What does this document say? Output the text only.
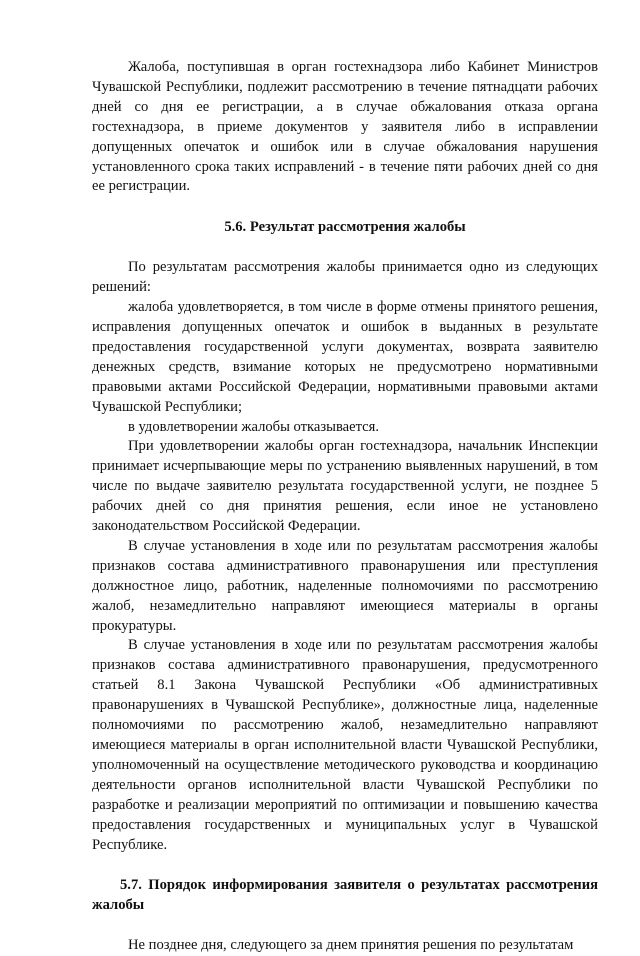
Жалоба, поступившая в орган гостехнадзора либо Кабинет Министров Чувашской Республики, подлежит рассмотрению в течение пятнадцати рабочих дней со дня ее регистрации, а в случае обжалования отказа органа гостехнадзора, в приеме документов у заявителя либо в исправлении допущенных опечаток и ошибок или в случае обжалования нарушения установленного срока таких исправлений - в течение пяти рабочих дней со дня ее регистрации.

5.6. Результат рассмотрения жалобы

По результатам рассмотрения жалобы принимается одно из следующих решений:

жалоба удовлетворяется, в том числе в форме отмены принятого решения, исправления допущенных опечаток и ошибок в выданных в результате предоставления государственной услуги документах, возврата заявителю денежных средств, взимание которых не предусмотрено нормативными правовыми актами Российской Федерации, нормативными правовыми актами Чувашской Республики;

в удовлетворении жалобы отказывается.

При удовлетворении жалобы орган гостехнадзора, начальник Инспекции принимает исчерпывающие меры по устранению выявленных нарушений, в том числе по выдаче заявителю результата государственной услуги, не позднее 5 рабочих дней со дня принятия решения, если иное не установлено законодательством Российской Федерации.

В случае установления в ходе или по результатам рассмотрения жалобы признаков состава административного правонарушения или преступления должностное лицо, работник, наделенные полномочиями по рассмотрению жалоб, незамедлительно направляют имеющиеся материалы в органы прокуратуры.

В случае установления в ходе или по результатам рассмотрения жалобы признаков состава административного правонарушения, предусмотренного статьей 8.1 Закона Чувашской Республики «Об административных правонарушениях в Чувашской Республике», должностные лица, наделенные полномочиями по рассмотрению жалоб, незамедлительно направляют имеющиеся материалы в орган исполнительной власти Чувашской Республики, уполномоченный на осуществление методического руководства и координацию деятельности органов исполнительной власти Чувашской Республики по разработке и реализации мероприятий по оптимизации и повышению качества предоставления государственных и муниципальных услуг в Чувашской Республике.

5.7. Порядок информирования заявителя о результатах рассмотрения жалобы

Не позднее дня, следующего за днем принятия решения по результатам
